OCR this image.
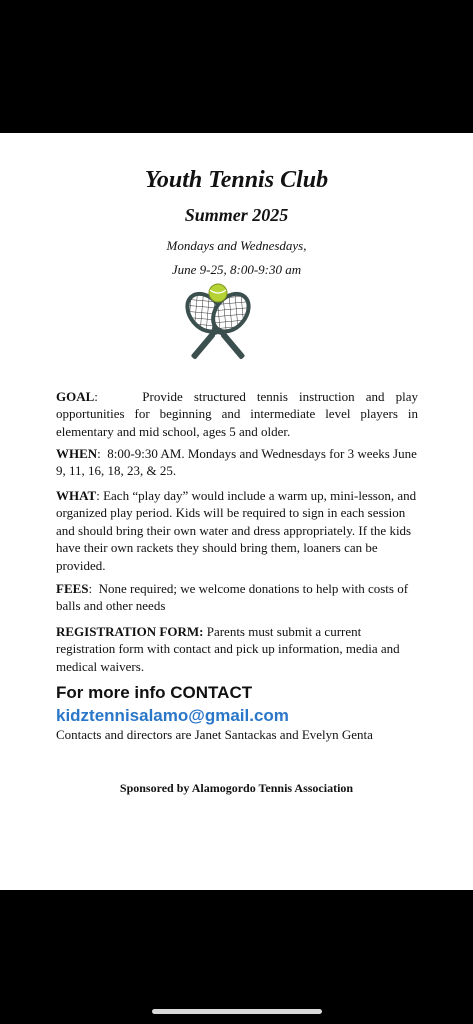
Youth Tennis Club
Summer 2025
Mondays and Wednesdays,
June 9-25, 8:00-9:30 am

GOAL:    Provide structured tennis instruction and play opportunities for beginning and intermediate level players in elementary and mid school, ages 5 and older.

WHEN:  8:00-9:30 AM. Mondays and Wednesdays for 3 weeks June 9, 11, 16, 18, 23, & 25.

WHAT: Each “play day” would include a warm up, mini-lesson, and organized play period. Kids will be required to sign in each session and should bring their own water and dress appropriately. If the kids have their own rackets they should bring them, loaners can be provided.

FEES:  None required; we welcome donations to help with costs of balls and other needs

REGISTRATION FORM: Parents must submit a current registration form with contact and pick up information, media and medical waivers.

For more info CONTACT
kidztennisalamo@gmail.com
Contacts and directors are Janet Santackas and Evelyn Genta
Sponsored by Alamogordo Tennis Association
